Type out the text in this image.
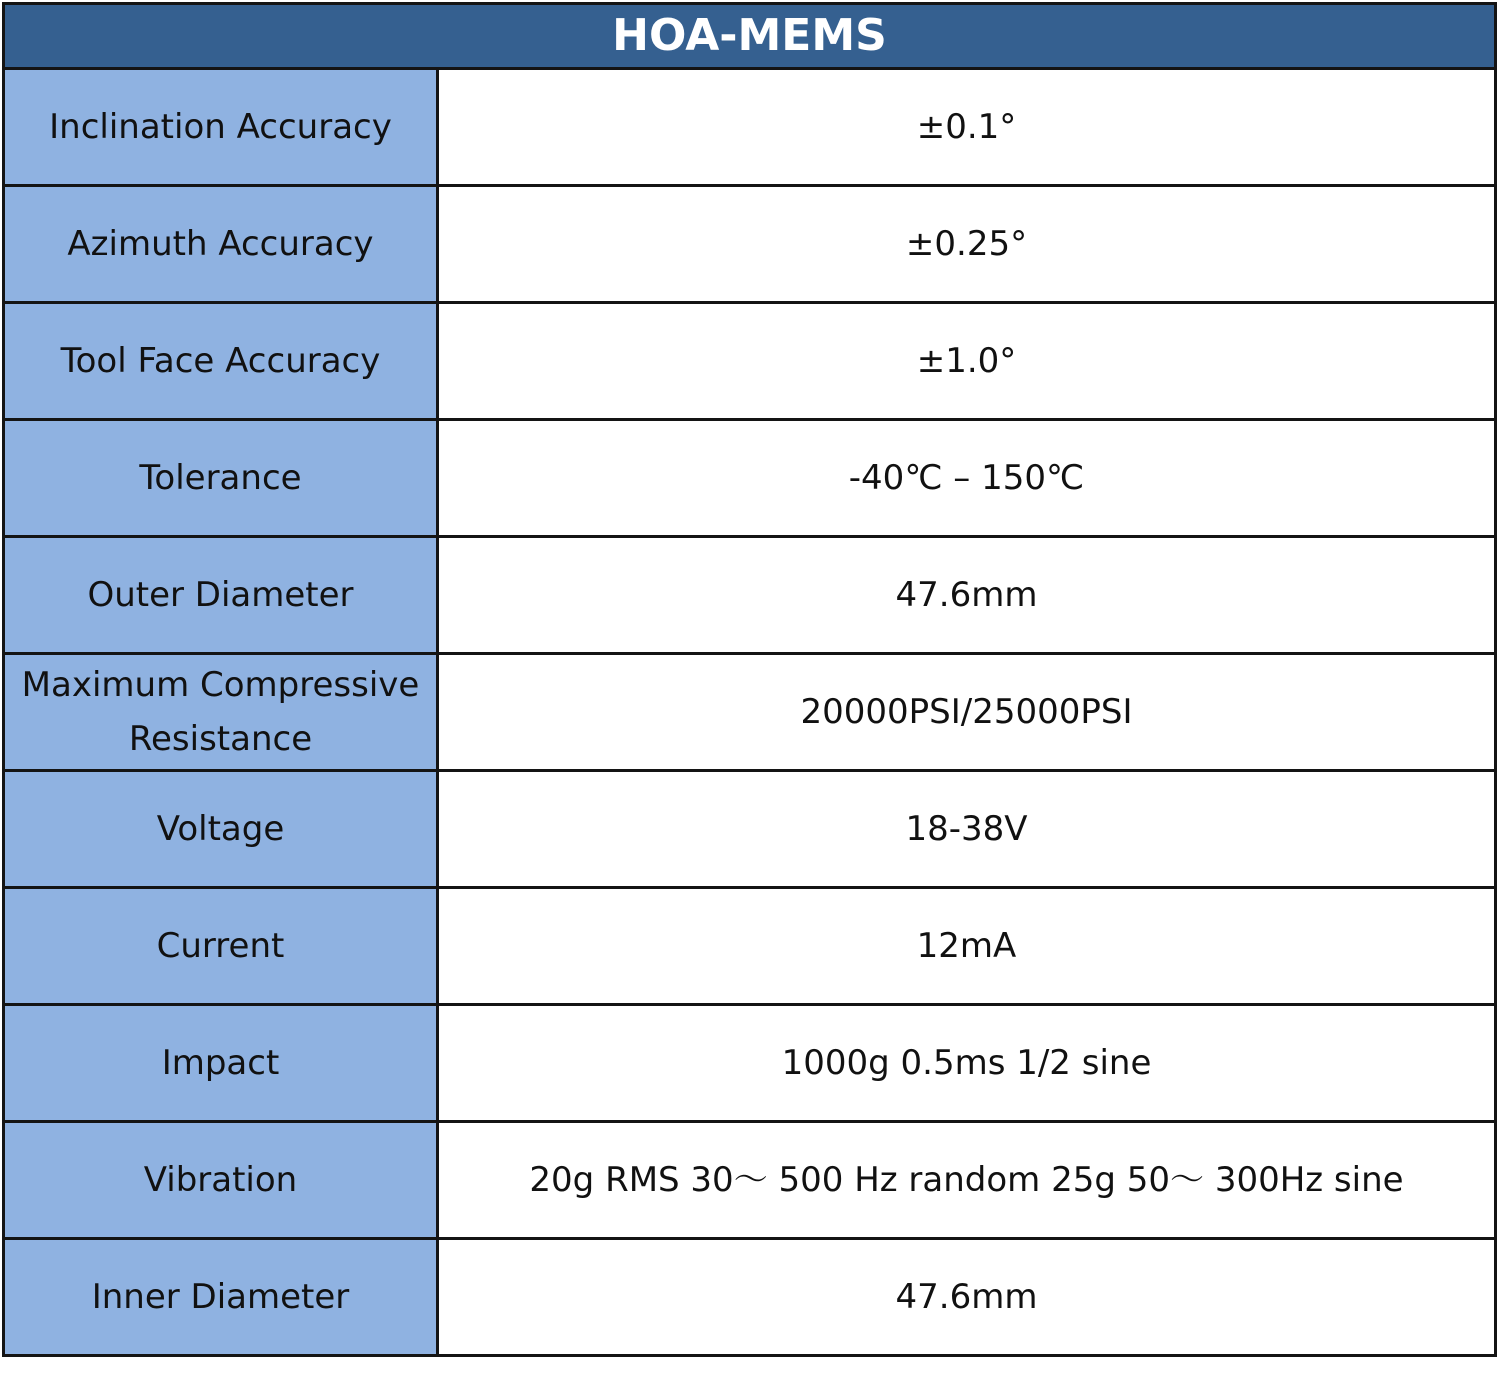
HOA-MEMS	
Inclination Accuracy	±0.1°
Azimuth Accuracy	±0.25°
Tool Face Accuracy	±1.0°
Tolerance	-40℃ – 150℃
Outer Diameter	47.6mm
Maximum Compressive Resistance	20000PSI/25000PSI
Voltage	18-38V
Current	12mA
Impact	1000g 0.5ms 1/2 sine
Vibration	20g RMS 30～ 500 Hz random 25g 50～ 300Hz sine
Inner Diameter	47.6mm
